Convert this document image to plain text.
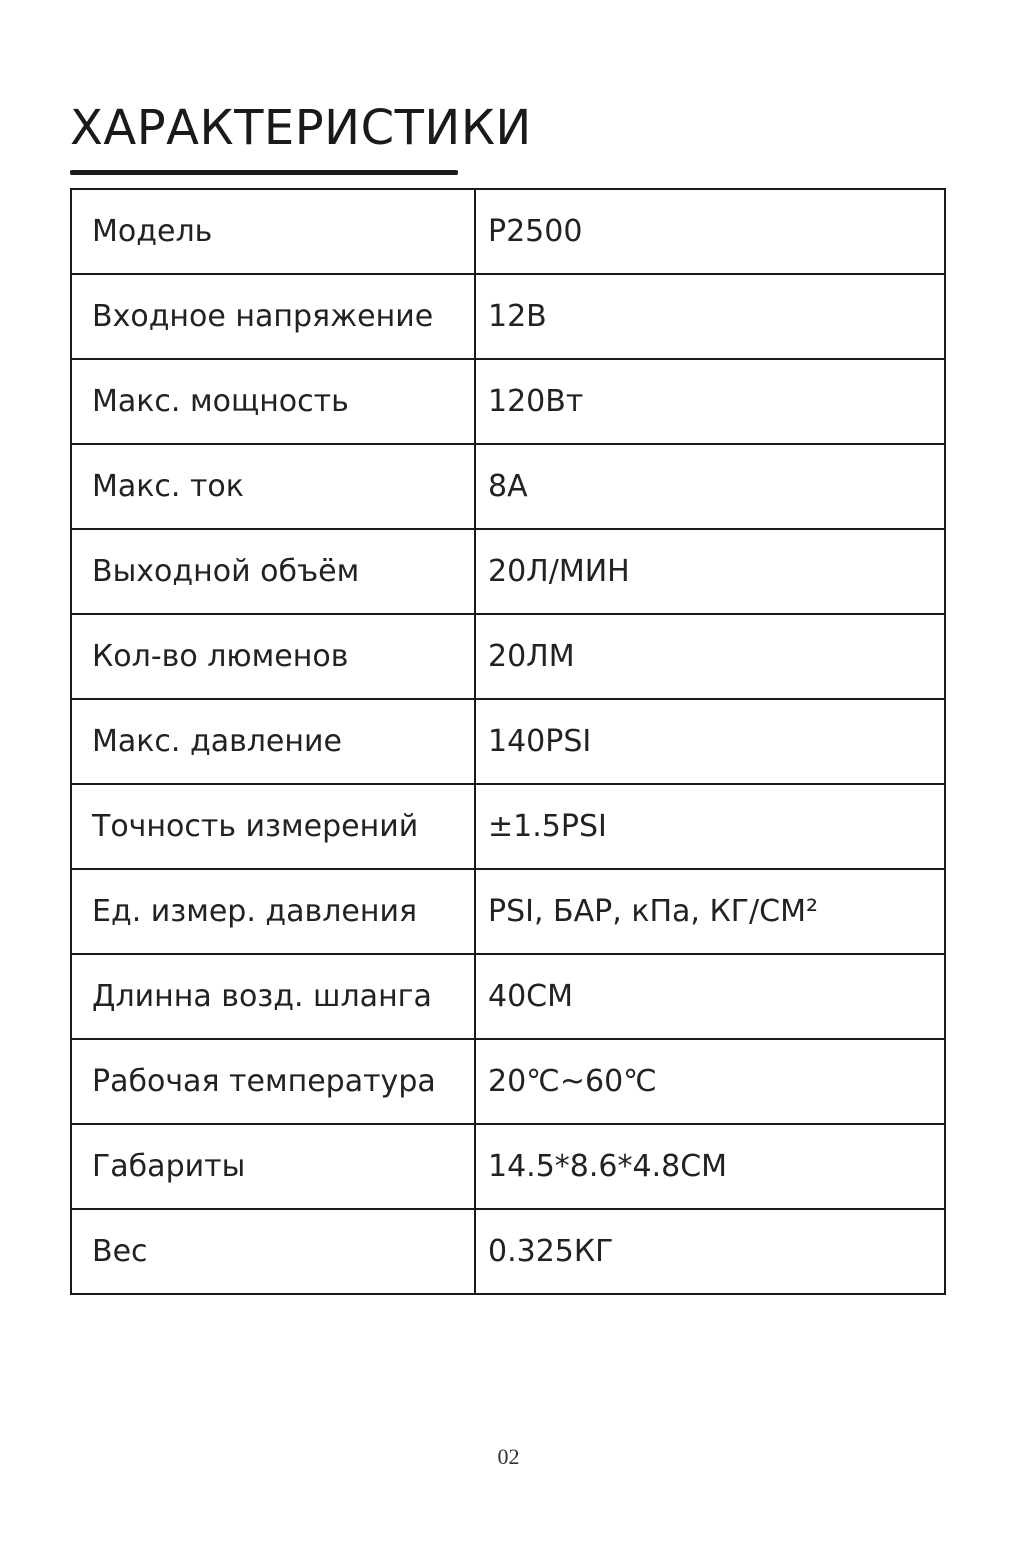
ХАРАКТЕРИСТИКИ
Модель	P2500
Входное напряжение	12В
Макс. мощность	120Вт
Макс. ток	8А
Выходной объём	20Л/МИН
Кол-во люменов	20ЛМ
Макс. давление	140PSI
Точность измерений	±1.5PSI
Ед. измер. давления	PSI, БАР, кПа, КГ/СМ²
Длинна возд. шланга	40СМ
Рабочая температура	20℃~60℃
Габариты	14.5*8.6*4.8СМ
Вес	0.325КГ
02
